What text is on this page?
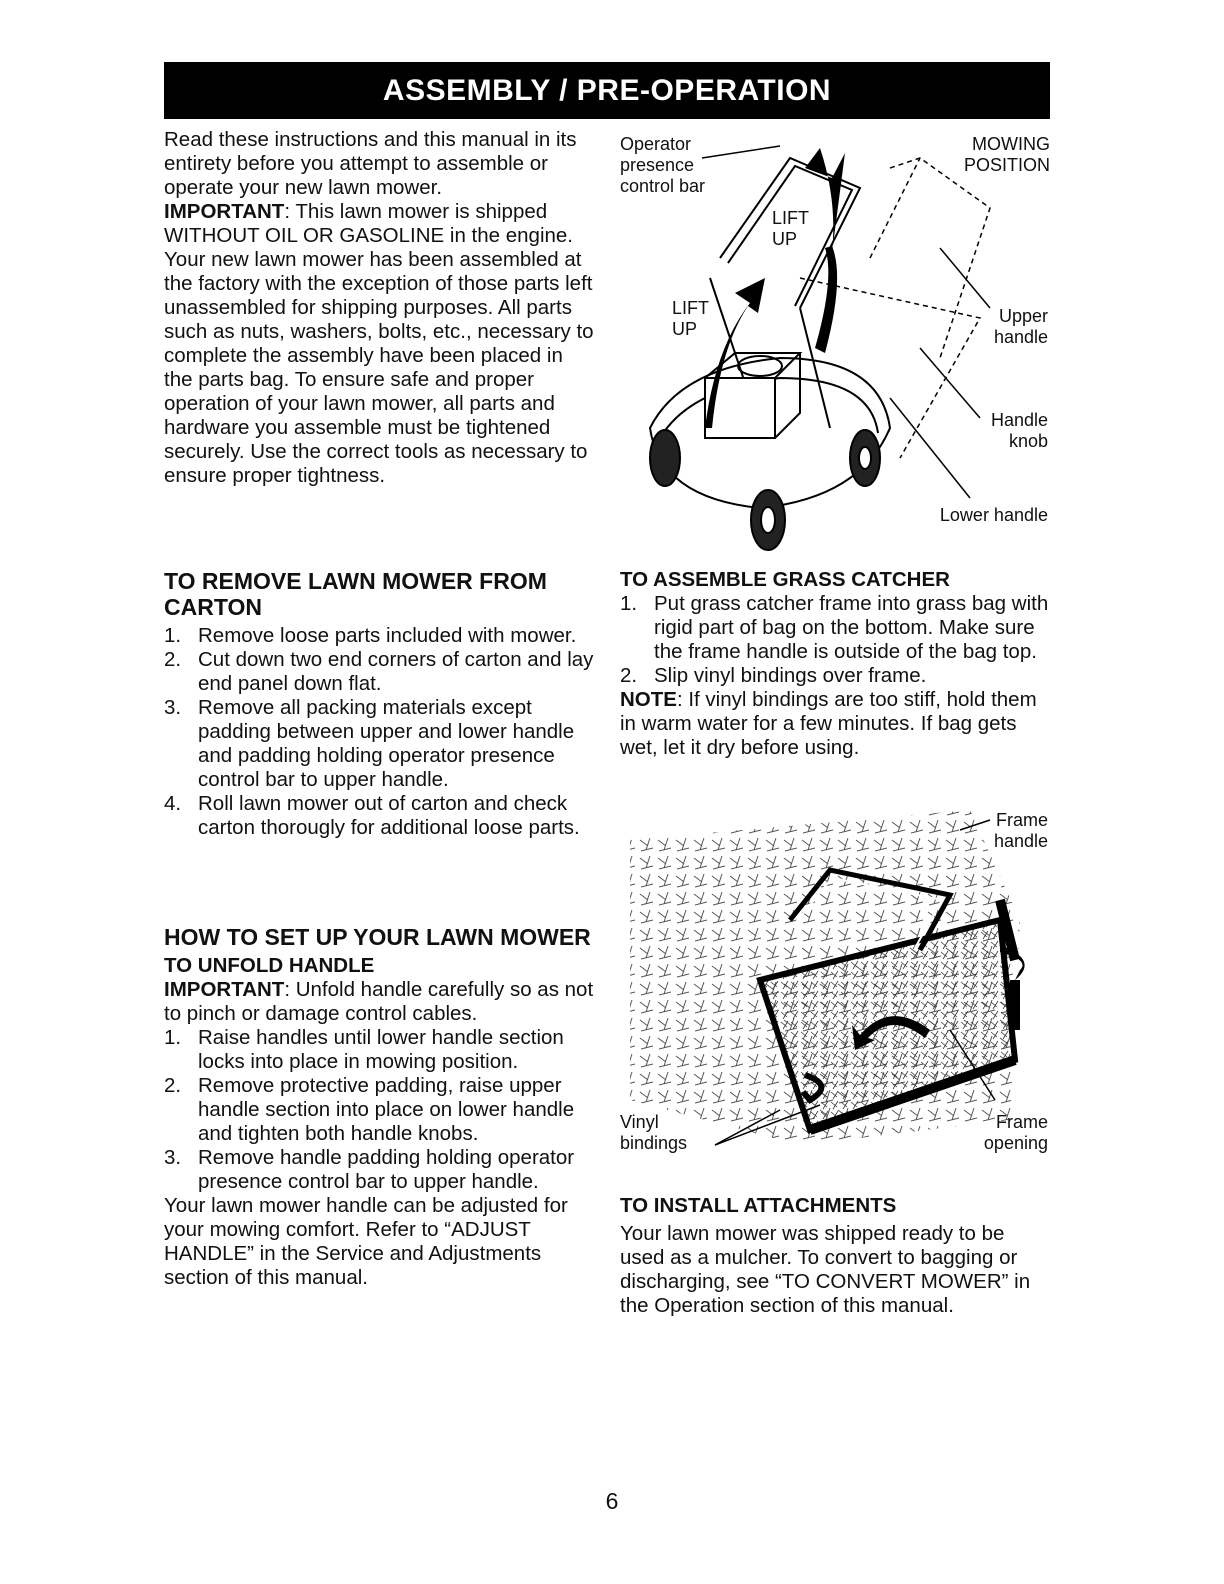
ASSEMBLY / PRE-OPERATION

Read these instructions and this manual in its entirety before you attempt to assemble or operate your new lawn mower.

IMPORTANT: This lawn mower is shipped WITHOUT OIL OR GASOLINE in the engine.

Your new lawn mower has been assembled at the factory with the exception of those parts left unassembled for shipping purposes. All parts such as nuts, washers, bolts, etc., necessary to complete the assembly have been placed in the parts bag. To ensure safe and proper operation of your lawn mower, all parts and hardware you assemble must be tightened securely. Use the correct tools as necessary to ensure proper tightness.

Operator presence control bar
MOWING POSITION
LIFT UP
LIFT UP
Upper handle
Handle knob
Lower handle

TO REMOVE LAWN MOWER FROM CARTON

1. Remove loose parts included with mower.
2. Cut down two end corners of carton and lay end panel down flat.
3. Remove all packing materials except padding between upper and lower handle and padding holding operator presence control bar to upper handle.
4. Roll lawn mower out of carton and check carton thorougly for additional loose parts.

HOW TO SET UP YOUR LAWN MOWER

TO UNFOLD HANDLE

IMPORTANT: Unfold handle carefully so as not to pinch or damage control cables.

1. Raise handles until lower handle section locks into place in mowing position.
2. Remove protective padding, raise upper handle section into place on lower handle and tighten both handle knobs.
3. Remove handle padding holding operator presence control bar to upper handle.

Your lawn mower handle can be adjusted for your mowing comfort. Refer to “ADJUST HANDLE” in the Service and Adjustments section of this manual.

TO ASSEMBLE GRASS CATCHER

1. Put grass catcher frame into grass bag with rigid part of bag on the bottom. Make sure the frame handle is outside of the bag top.
2. Slip vinyl bindings over frame.

NOTE: If vinyl bindings are too stiff, hold them in warm water for a few minutes. If bag gets wet, let it dry before using.

Frame handle
Vinyl bindings
Frame opening

TO INSTALL ATTACHMENTS

Your lawn mower was shipped ready to be used as a mulcher. To convert to bagging or discharging, see “TO CONVERT MOWER” in the Operation section of this manual.

6
